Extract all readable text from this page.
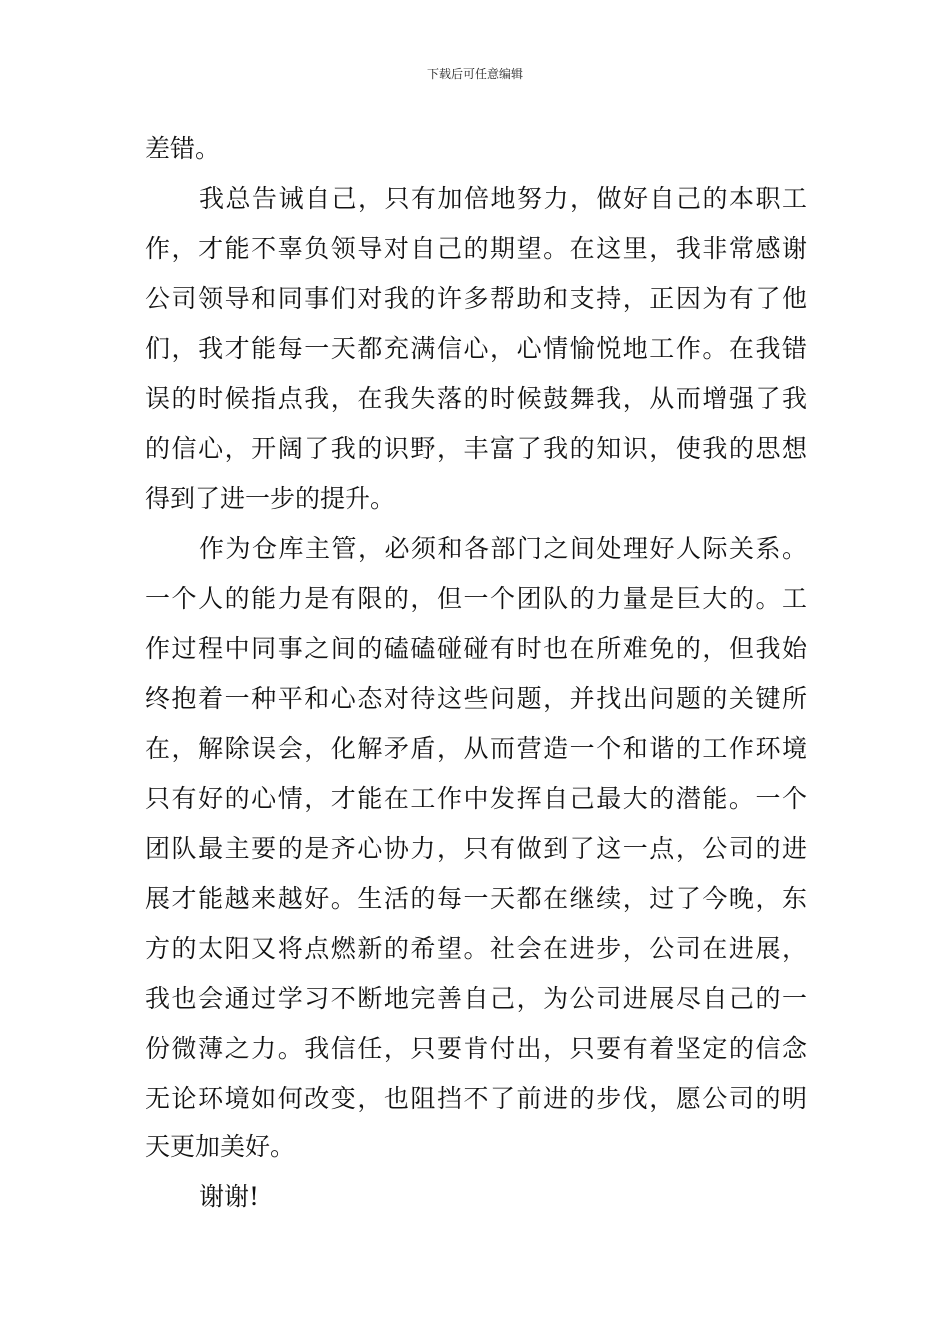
下载后可任意编辑
差错。
我总告诫自己，只有加倍地努力，做好自己的本职工
作，才能不辜负领导对自己的期望。在这里，我非常感谢
公司领导和同事们对我的许多帮助和支持，正因为有了他
们，我才能每一天都充满信心，心情愉悦地工作。在我错
误的时候指点我，在我失落的时候鼓舞我，从而增强了我
的信心，开阔了我的识野，丰富了我的知识，使我的思想
得到了进一步的提升。
作为仓库主管，必须和各部门之间处理好人际关系。
一个人的能力是有限的，但一个团队的力量是巨大的。工
作过程中同事之间的磕磕碰碰有时也在所难免的，但我始
终抱着一种平和心态对待这些问题，并找出问题的关键所
在，解除误会，化解矛盾，从而营造一个和谐的工作环境
只有好的心情，才能在工作中发挥自己最大的潜能。一个
团队最主要的是齐心协力，只有做到了这一点，公司的进
展才能越来越好。生活的每一天都在继续，过了今晚，东
方的太阳又将点燃新的希望。社会在进步，公司在进展，
我也会通过学习不断地完善自己，为公司进展尽自己的一
份微薄之力。我信任，只要肯付出，只要有着坚定的信念
无论环境如何改变，也阻挡不了前进的步伐，愿公司的明
天更加美好。
谢谢!
